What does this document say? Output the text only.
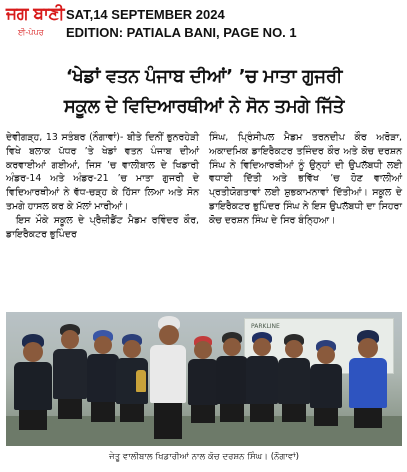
ਜਗ ਬਾਣੀ
ਈ-ਪੇਪਰ
SAT,14 SEPTEMBER 2024
EDITION: PATIALA BANI, PAGE NO. 1
‘ਖੇਡਾਂ ਵਤਨ ਪੰਜਾਬ ਦੀਆਂ’ ’ਚ ਮਾਤਾ ਗੁਜਰੀ
ਸਕੂਲ ਦੇ ਵਿਦਿਆਰਥੀਆਂ ਨੇ ਸੋਨ ਤਮਗੇ ਜਿੱਤੇ

ਦੇਵੀਗੜ੍ਹ, 13 ਸਤੰਬਰ (ਨੌਗਾਵਾਂ)- ਬੀਤੇ ਦਿਨੀਂ ਭੁਨਰਹੇੜੀ ਵਿਖੇ ਬਲਾਕ ਪੱਧਰ ’ਤੇ ਖੇਡਾਂ ਵਤਨ ਪੰਜਾਬ ਦੀਆਂ ਕਰਵਾਈਆਂ ਗਈਆਂ, ਜਿਸ ’ਚ ਵਾਲੀਬਾਲ ਦੇ ਖਿਡਾਰੀ ਅੰਡਰ-14 ਅਤੇ ਅੰਡਰ-21 ’ਚ ਮਾਤਾ ਗੁਜਰੀ ਦੇ ਵਿਦਿਆਰਥੀਆਂ ਨੇ ਵੱਧ-ਚੜ੍ਹ ਕੇ ਹਿੱਸਾ ਲਿਆ ਅਤੇ ਸੋਨ ਤਮਗੇ ਹਾਸਲ ਕਰ ਕੇ ਮੱਲਾਂ ਮਾਰੀਆਂ।

ਇਸ ਮੌਕੇ ਸਕੂਲ ਦੇ ਪ੍ਰੈਜ਼ੀਡੈਂਟ ਮੈਡਮ ਰਵਿੰਦਰ ਕੌਰ, ਡਾਇਰੈਕਟਰ ਭੁਪਿੰਦਰ

ਸਿੰਘ, ਪ੍ਰਿੰਸੀਪਲ ਮੈਡਮ ਤਰਨਦੀਪ ਕੌਰ ਅਰੋੜਾ, ਅਕਾਦਮਿਕ ਡਾਇਰੈਕਟਰ ਤਜਿੰਦਰ ਕੌਰ ਅਤੇ ਕੋਚ ਦਰਸ਼ਨ ਸਿੰਘ ਨੇ ਵਿਦਿਆਰਥੀਆਂ ਨੂੰ ਉਨ੍ਹਾਂ ਦੀ ਉਪਲੱਬਧੀ ਲਈ ਵਧਾਈ ਦਿੱਤੀ ਅਤੇ ਭਵਿੱਖ ’ਚ ਹੋਣ ਵਾਲੀਆਂ ਪ੍ਰਤੀਯੋਗਤਾਵਾਂ ਲਈ ਸ਼ੁਭਕਾਮਨਾਵਾਂ ਦਿੱਤੀਆਂ। ਸਕੂਲ ਦੇ ਡਾਇਰੈਕਟਰ ਭੁਪਿੰਦਰ ਸਿੰਘ ਨੇ ਇਸ ਉਪਲੱਬਧੀ ਦਾ ਸਿਹਰਾ ਕੋਚ ਦਰਸ਼ਨ ਸਿੰਘ ਦੇ ਸਿਰ ਬੰਨ੍ਹਿਆ।

PARKLINE
ਜੇਤੂ ਵਾਲੀਬਾਲ ਖਿਡਾਰੀਆਂ ਨਾਲ ਕੋਚ ਦਰਸ਼ਨ ਸਿੰਘ। (ਨੌਗਾਵਾਂ)
